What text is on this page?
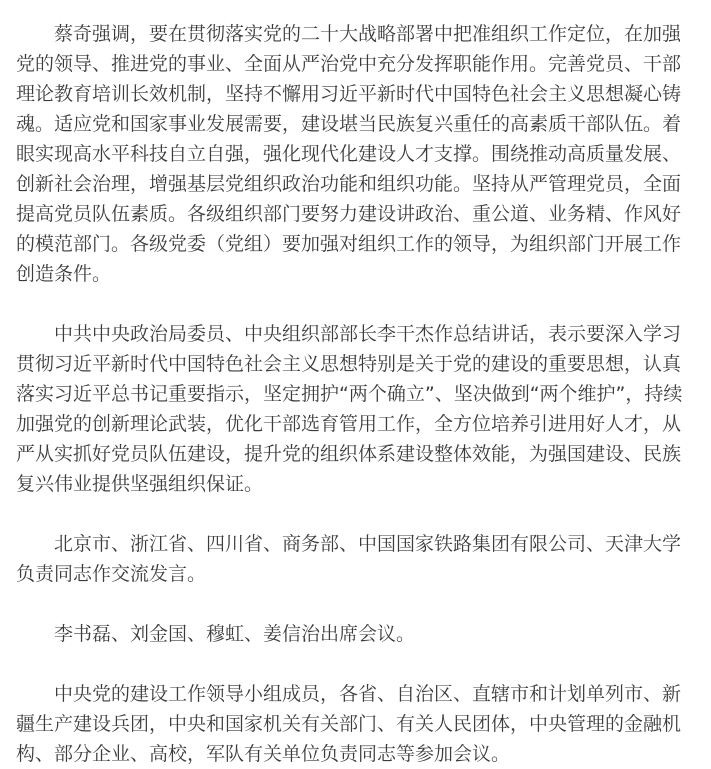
蔡奇强调，要在贯彻落实党的二十大战略部署中把准组织工作定位，在加强党的领导、推进党的事业、全面从严治党中充分发挥职能作用。完善党员、干部理论教育培训长效机制，坚持不懈用习近平新时代中国特色社会主义思想凝心铸魂。适应党和国家事业发展需要，建设堪当民族复兴重任的高素质干部队伍。着眼实现高水平科技自立自强，强化现代化建设人才支撑。围绕推动高质量发展、创新社会治理，增强基层党组织政治功能和组织功能。坚持从严管理党员，全面提高党员队伍素质。各级组织部门要努力建设讲政治、重公道、业务精、作风好的模范部门。各级党委（党组）要加强对组织工作的领导，为组织部门开展工作创造条件。

中共中央政治局委员、中央组织部部长李干杰作总结讲话，表示要深入学习贯彻习近平新时代中国特色社会主义思想特别是关于党的建设的重要思想，认真落实习近平总书记重要指示，坚定拥护“两个确立”、坚决做到“两个维护”，持续加强党的创新理论武装，优化干部选育管用工作，全方位培养引进用好人才，从严从实抓好党员队伍建设，提升党的组织体系建设整体效能，为强国建设、民族复兴伟业提供坚强组织保证。

北京市、浙江省、四川省、商务部、中国国家铁路集团有限公司、天津大学负责同志作交流发言。

李书磊、刘金国、穆虹、姜信治出席会议。

中央党的建设工作领导小组成员，各省、自治区、直辖市和计划单列市、新疆生产建设兵团，中央和国家机关有关部门、有关人民团体，中央管理的金融机构、部分企业、高校，军队有关单位负责同志等参加会议。
